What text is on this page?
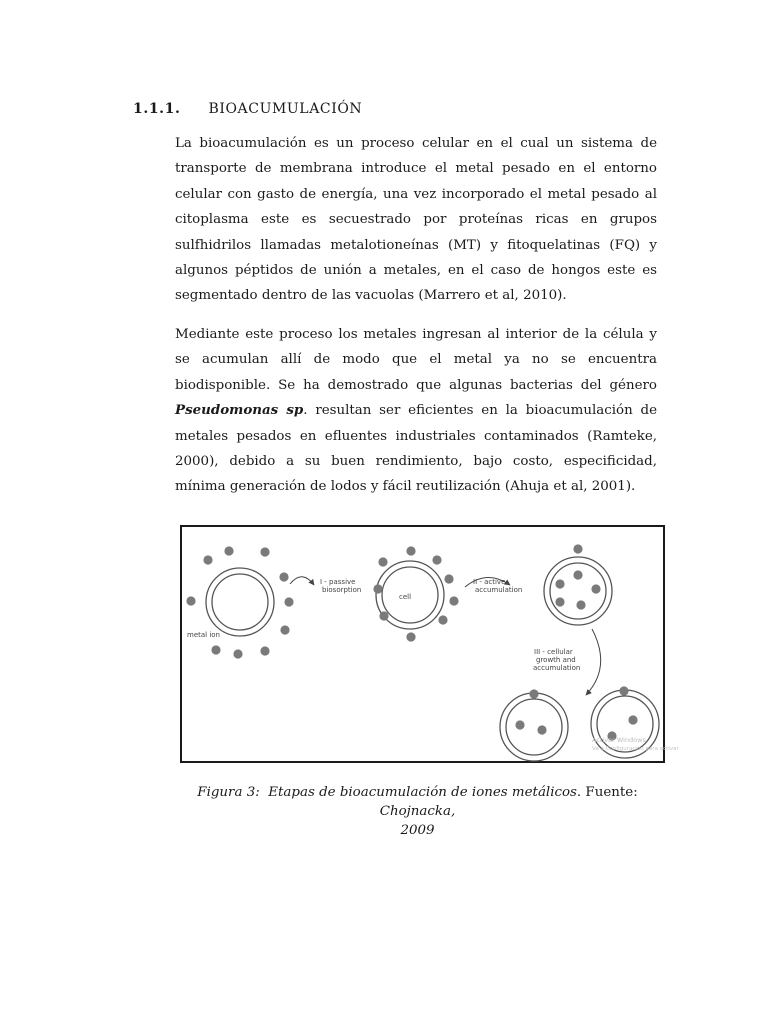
1.1.1. BIOACUMULACIÓN
La bioacumulación es un proceso celular en el cual un sistema de transporte de membrana introduce el metal pesado en el entorno celular con gasto de energía, una vez incorporado el metal pesado al citoplasma este es secuestrado por proteínas ricas en grupos sulfhidrilos llamadas metalotioneínas (MT) y fitoquelatinas (FQ) y algunos péptidos de unión a metales, en el caso de hongos este es segmentado dentro de las vacuolas (Marrero et al, 2010).
Mediante este proceso los metales ingresan al interior de la célula y se acumulan allí de modo que el metal ya no se encuentra biodisponible. Se ha demostrado que algunas bacterias del género Pseudomonas sp. resultan ser eficientes en la bioacumulación de metales pesados en efluentes industriales contaminados (Ramteke, 2000), debido a su buen rendimiento, bajo costo, especificidad, mínima generación de lodos y fácil reutilización (Ahuja et al, 2001).
metal ion
I - passive
biosorption
cell
II - active
accumulation
III - cellular
growth and
accumulation
Activar Windows
Ve a Configuración para activar
Figura 3: Etapas de bioacumulación de iones metálicos. Fuente: Chojnacka,
2009
